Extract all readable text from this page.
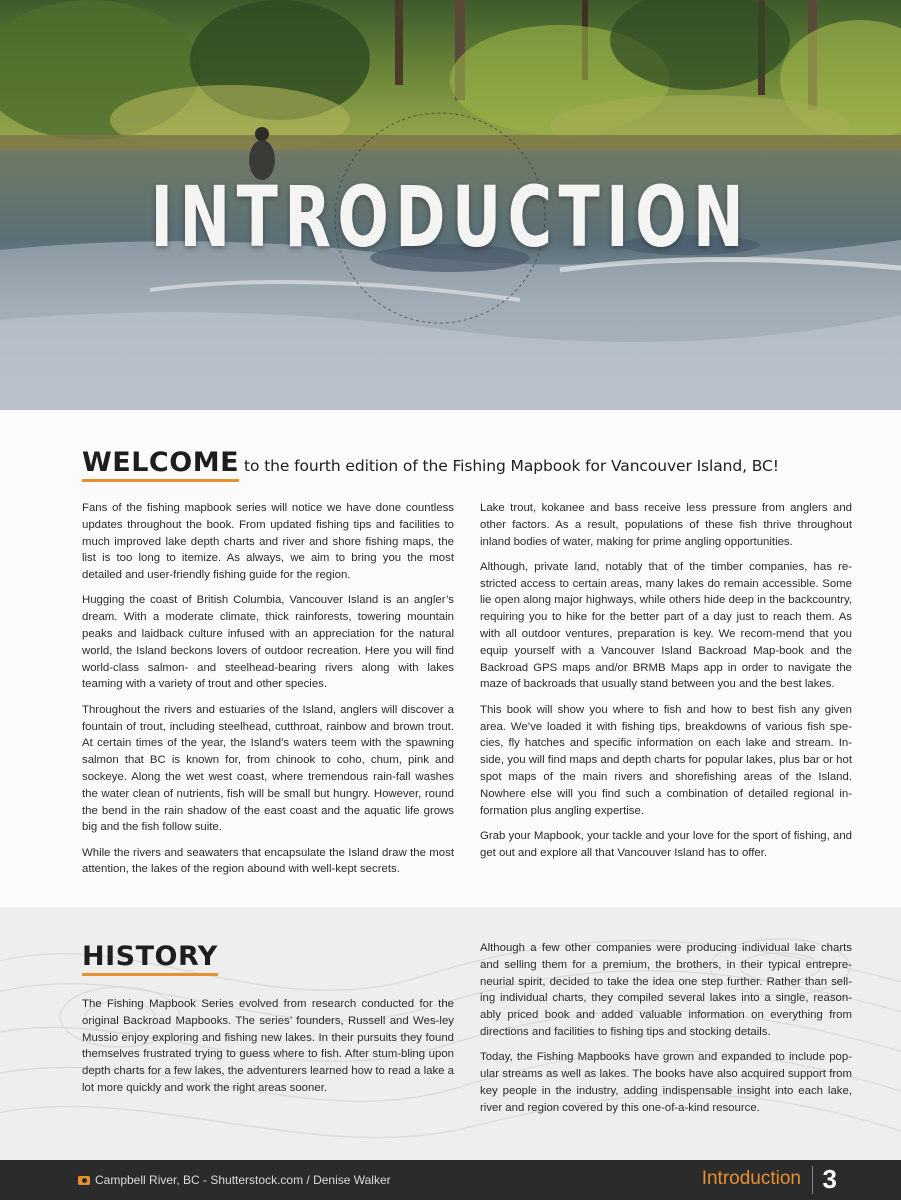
INTRODUCTION
WELCOME to the fourth edition of the Fishing Mapbook for Vancouver Island, BC!

Fans of the fishing mapbook series will notice we have done countless updates throughout the book. From updated fishing tips and facilities to much improved lake depth charts and river and shore fishing maps, the list is too long to itemize. As always, we aim to bring you the most detailed and user-friendly fishing guide for the region.

Hugging the coast of British Columbia, Vancouver Island is an angler’s dream. With a moderate climate, thick rainforests, towering mountain peaks and laidback culture infused with an appreciation for the natural world, the Island beckons lovers of outdoor recreation. Here you will find world-class salmon- and steelhead-bearing rivers along with lakes teaming with a variety of trout and other species.

Throughout the rivers and estuaries of the Island, anglers will discover a fountain of trout, including steelhead, cutthroat, rainbow and brown trout. At certain times of the year, the Island’s waters teem with the spawning salmon that BC is known for, from chinook to coho, chum, pink and sockeye. Along the wet west coast, where tremendous rain-fall washes the water clean of nutrients, fish will be small but hungry. However, round the bend in the rain shadow of the east coast and the aquatic life grows big and the fish follow suite.

While the rivers and seawaters that encapsulate the Island draw the most attention, the lakes of the region abound with well-kept secrets.

Lake trout, kokanee and bass receive less pressure from anglers and other factors. As a result, populations of these fish thrive throughout inland bodies of water, making for prime angling opportunities.

Although, private land, notably that of the timber companies, has re-stricted access to certain areas, many lakes do remain accessible. Some lie open along major highways, while others hide deep in the backcountry, requiring you to hike for the better part of a day just to reach them. As with all outdoor ventures, preparation is key. We recom-mend that you equip yourself with a Vancouver Island Backroad Map-book and the Backroad GPS maps and/or BRMB Maps app in order to navigate the maze of backroads that usually stand between you and the best lakes.

This book will show you where to fish and how to best fish any given area. We’ve loaded it with fishing tips, breakdowns of various fish spe-cies, fly hatches and specific information on each lake and stream. In-side, you will find maps and depth charts for popular lakes, plus bar or hot spot maps of the main rivers and shorefishing areas of the Island. Nowhere else will you find such a combination of detailed regional in-formation plus angling expertise.

Grab your Mapbook, your tackle and your love for the sport of fishing, and get out and explore all that Vancouver Island has to offer.

HISTORY

The Fishing Mapbook Series evolved from research conducted for the original Backroad Mapbooks. The series’ founders, Russell and Wes-ley Mussio enjoy exploring and fishing new lakes. In their pursuits they found themselves frustrated trying to guess where to fish. After stum-bling upon depth charts for a few lakes, the adventurers learned how to read a lake a lot more quickly and work the right areas sooner.

Although a few other companies were producing individual lake charts and selling them for a premium, the brothers, in their typical entrepre-neurial spirit, decided to take the idea one step further. Rather than sell-ing individual charts, they compiled several lakes into a single, reason-ably priced book and added valuable information on everything from directions and facilities to fishing tips and stocking details.

Today, the Fishing Mapbooks have grown and expanded to include pop-ular streams as well as lakes. The books have also acquired support from key people in the industry, adding indispensable insight into each lake, river and region covered by this one-of-a-kind resource.

Campbell River, BC - Shutterstock.com / Denise Walker	Introduction 3
